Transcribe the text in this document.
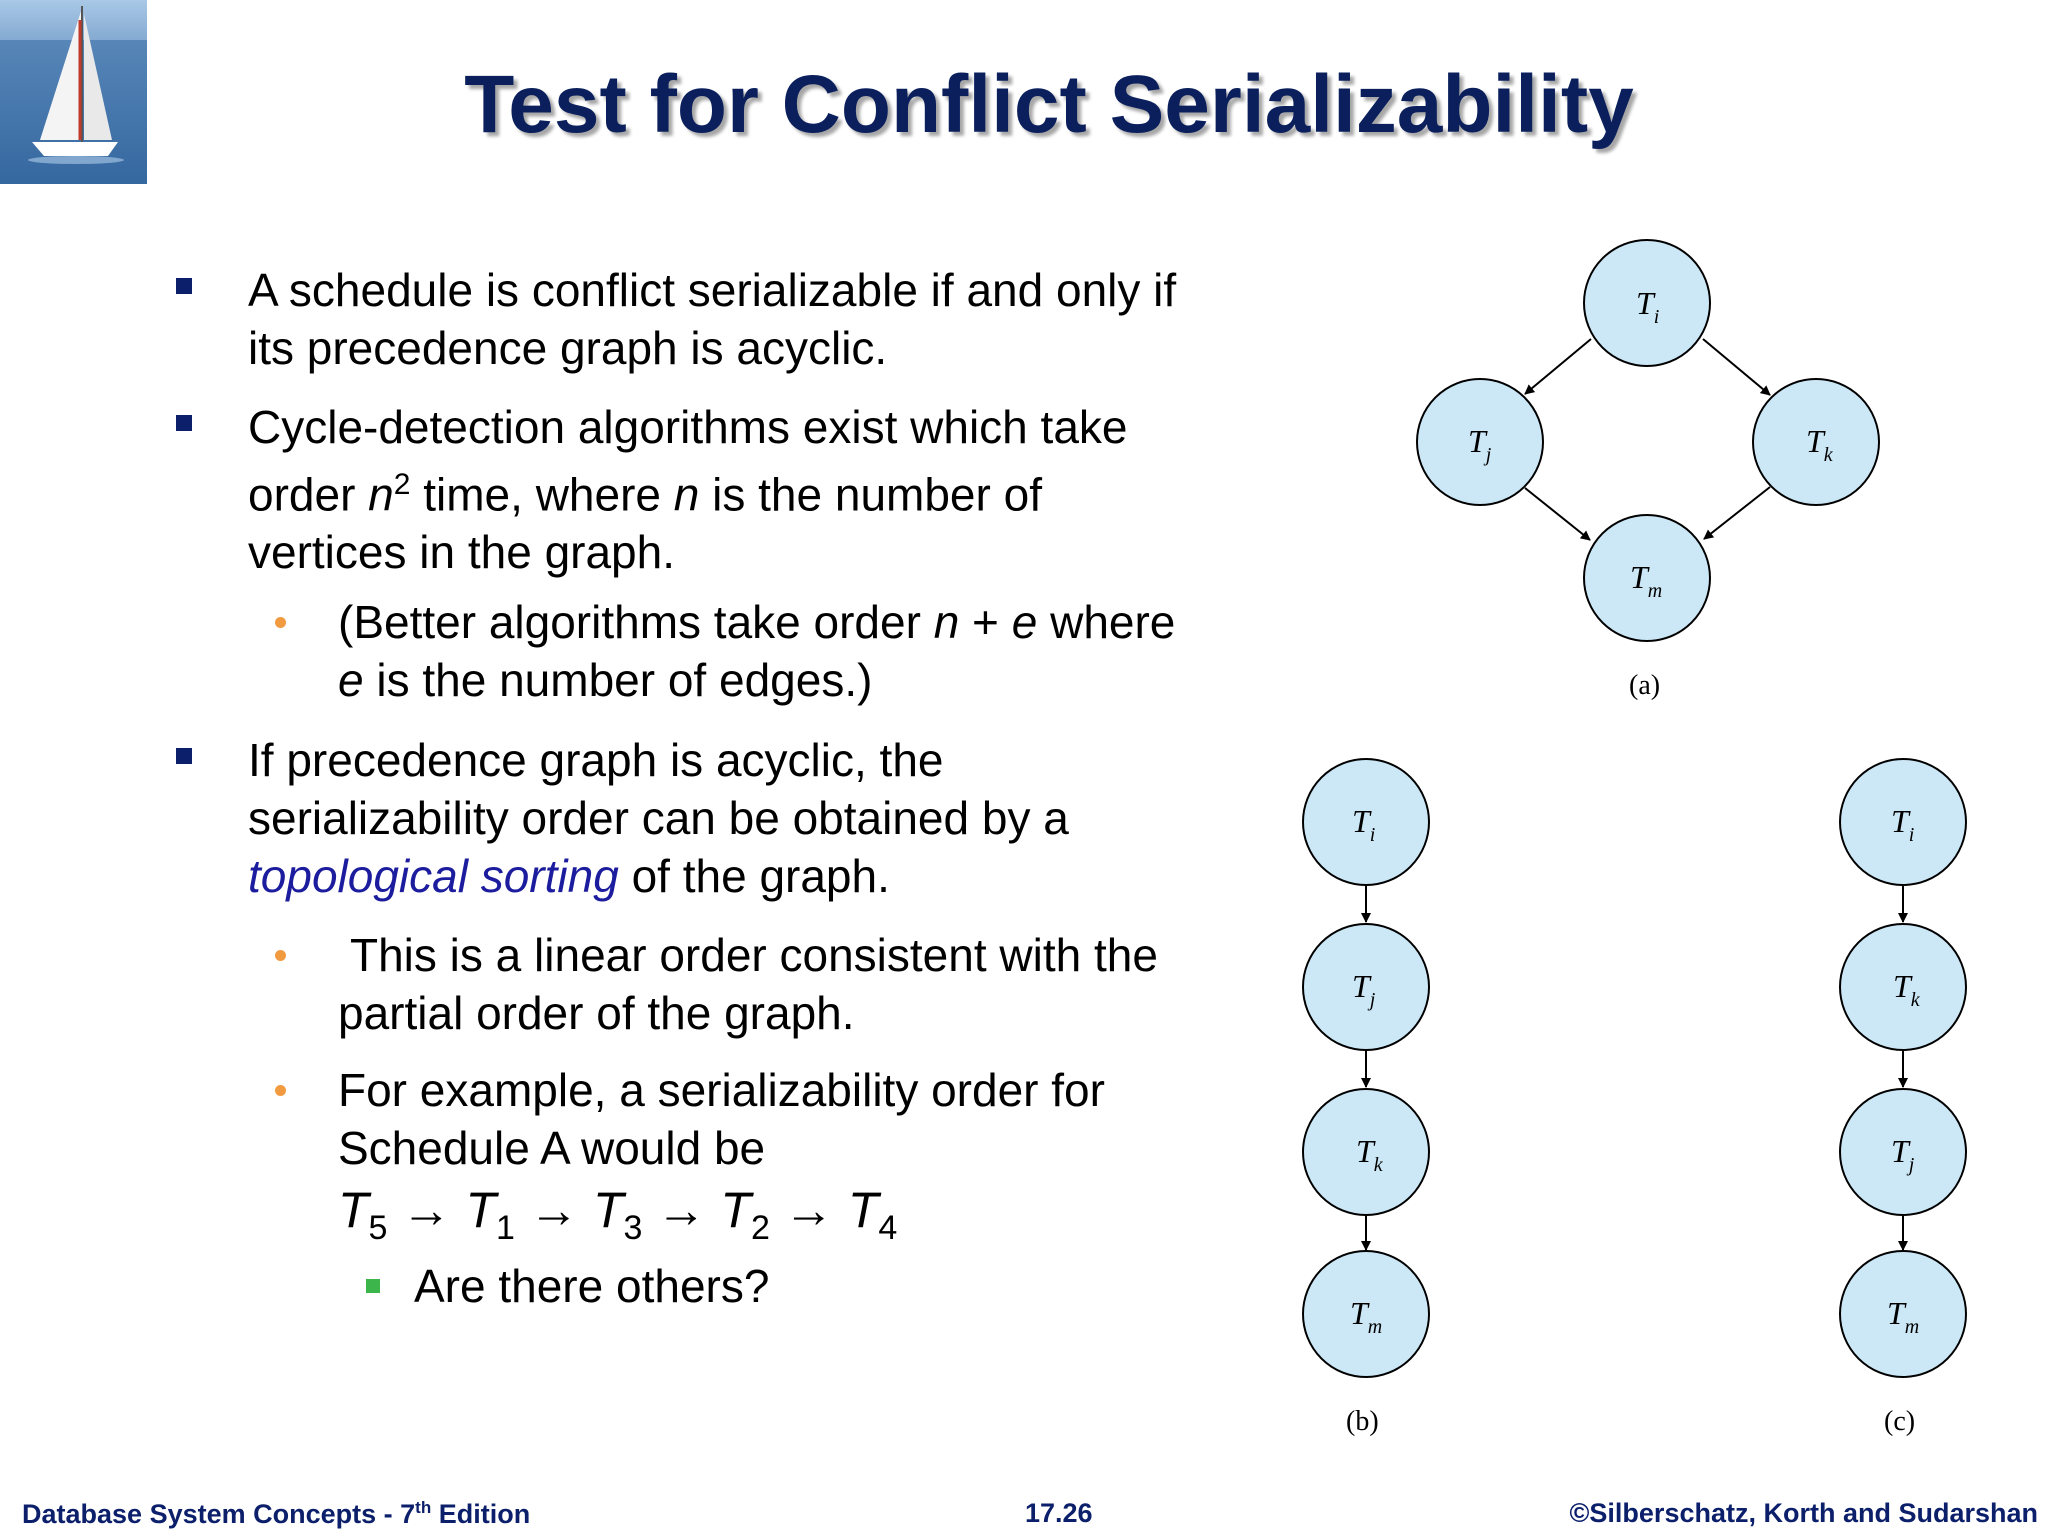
Test for Conflict Serializability
A schedule is conflict serializable if and only if
its precedence graph is acyclic.
Cycle-detection algorithms exist which take
order $n^2$ time, where n is the number of
vertices in the graph.
(Better algorithms take order n + e where
e is the number of edges.)
If precedence graph is acyclic, the
serializability order can be obtained by a
topological sorting of the graph.
This is a linear order consistent with the
partial order of the graph.
For example, a serializability order for
Schedule A would be
$T_5 \to T_1 \to T_3 \to T_2 \to T_4$
Are there others?
$T_i$
$T_j$	$T_k$
$T_m$
(a)
$T_i$
$T_j$
$T_k$
$T_m$
(b)
$T_i$
$T_k$
$T_j$
$T_m$
(c)
Database System Concepts - 7th Edition	17.26	©Silberschatz, Korth and Sudarshan
